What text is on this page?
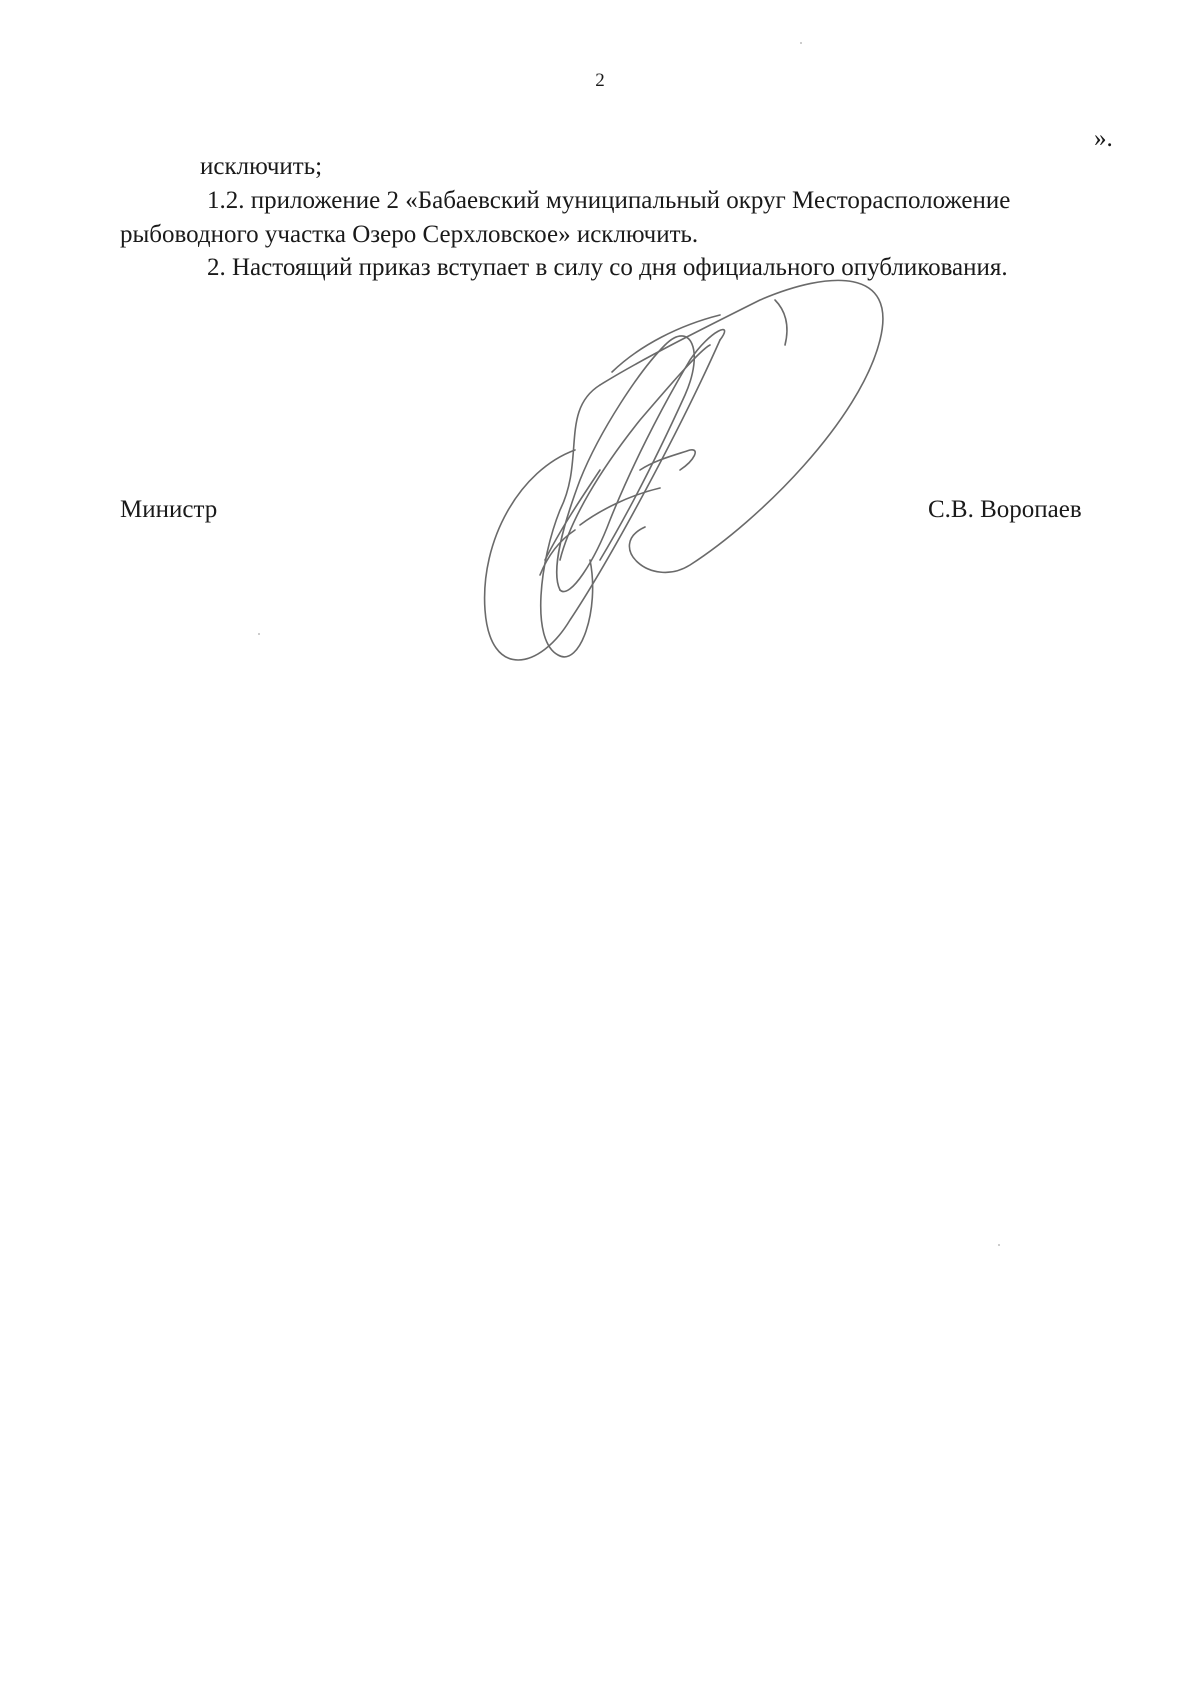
2
».
исключить;
1.2. приложение 2 «Бабаевский муниципальный округ Месторасположение
рыбоводного участка Озеро Серхловское» исключить.
2. Настоящий приказ вступает в силу со дня официального опубликования.
Министр	С.В. Воропаев
